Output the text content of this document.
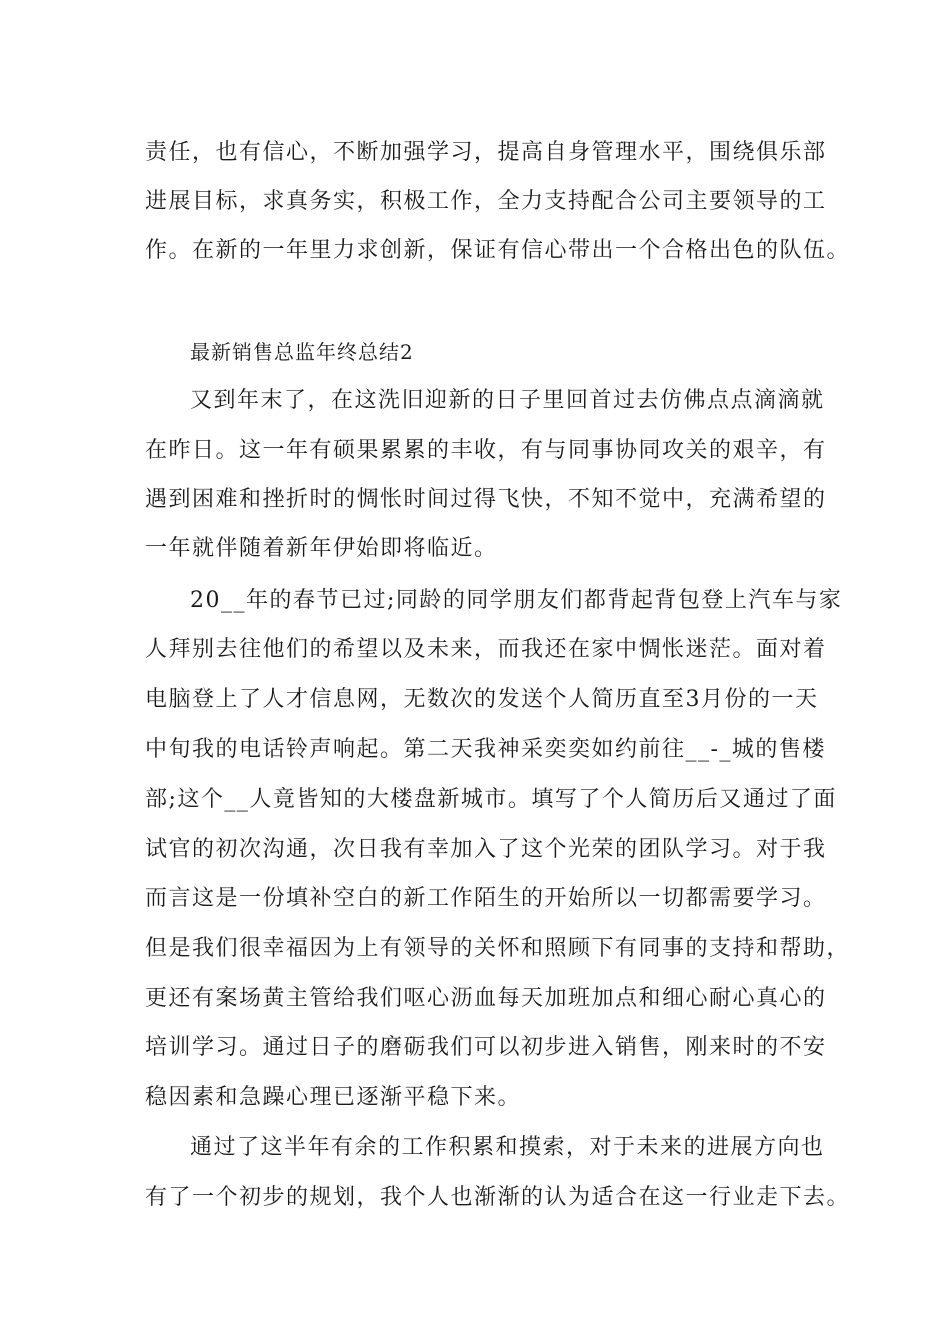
责任，也有信心，不断加强学习，提高自身管理水平，围绕俱乐部
进展目标，求真务实，积极工作，全力支持配合公司主要领导的工
作。在新的一年里力求创新，保证有信心带出一个合格出色的队伍。
最新销售总监年终总结2
又到年末了，在这洗旧迎新的日子里回首过去仿佛点点滴滴就
在昨日。这一年有硕果累累的丰收，有与同事协同攻关的艰辛，有
遇到困难和挫折时的惆怅时间过得飞快，不知不觉中，充满希望的
一年就伴随着新年伊始即将临近。
20__年的春节已过;同龄的同学朋友们都背起背包登上汽车与家
人拜别去往他们的希望以及未来，而我还在家中惆怅迷茫。面对着
电脑登上了人才信息网，无数次的发送个人简历直至3月份的一天
中旬我的电话铃声响起。第二天我神采奕奕如约前往__-_城的售楼
部;这个__人竟皆知的大楼盘新城市。填写了个人简历后又通过了面
试官的初次沟通，次日我有幸加入了这个光荣的团队学习。对于我
而言这是一份填补空白的新工作陌生的开始所以一切都需要学习。
但是我们很幸福因为上有领导的关怀和照顾下有同事的支持和帮助，
更还有案场黄主管给我们呕心沥血每天加班加点和细心耐心真心的
培训学习。通过日子的磨砺我们可以初步进入销售，刚来时的不安
稳因素和急躁心理已逐渐平稳下来。
通过了这半年有余的工作积累和摸索，对于未来的进展方向也
有了一个初步的规划，我个人也渐渐的认为适合在这一行业走下去。
